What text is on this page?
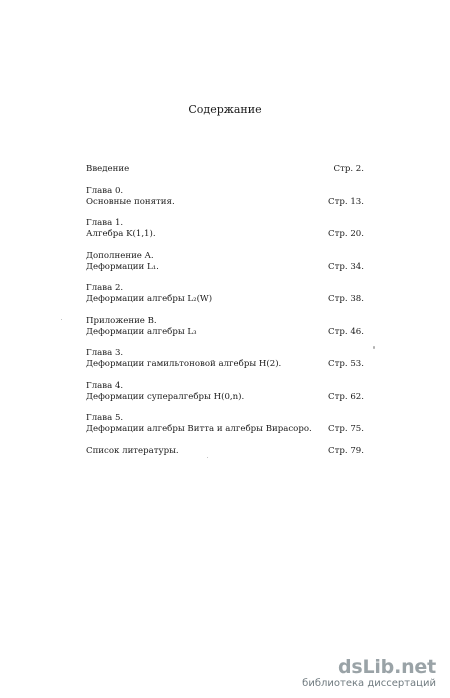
Содержание
Введение	Стр. 2.
Глава 0.
Основные понятия.	Стр. 13.
Глава 1.
Алгебра K(1,1).	Стр. 20.
Дополнение A.
Деформации L₁.	Стр. 34.
Глава 2.
Деформации алгебры L₂(W)	Стр. 38.
Приложение B.
Деформации алгебры L₃	Стр. 46.
Глава 3.
Деформации гамильтоновой алгебры H(2).	Стр. 53.
Глава 4.
Деформации супералгебры H(0,n).	Стр. 62.
Глава 5.
Деформации алгебры Витта и алгебры Вирасоро. Стр. 75.
Список литературы.	Стр. 79.
dsLib.net
библиотека диссертаций
